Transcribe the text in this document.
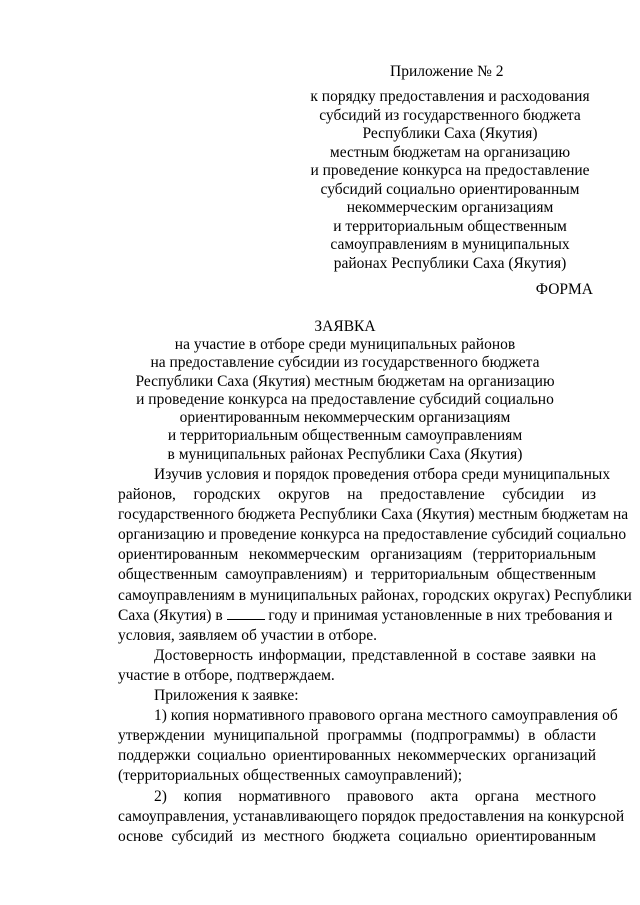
Приложение № 2
к порядку предоставления и расходования
субсидий из государственного бюджета
Республики Саха (Якутия)
местным бюджетам на организацию
и проведение конкурса на предоставление
субсидий социально ориентированным
некоммерческим организациям
и территориальным общественным
самоуправлениям в муниципальных
районах Республики Саха (Якутия)
ФОРМА
ЗАЯВКА
на участие в отборе среди муниципальных районов
на предоставление субсидии из государственного бюджета
Республики Саха (Якутия) местным бюджетам на организацию
и проведение конкурса на предоставление субсидий социально
ориентированным некоммерческим организациям
и территориальным общественным самоуправлениям
в муниципальных районах Республики Саха (Якутия)
Изучив условия и порядок проведения отбора среди муниципальных
районов, городских округов на предоставление субсидии из
государственного бюджета Республики Саха (Якутия) местным бюджетам на
организацию и проведение конкурса на предоставление субсидий социально
ориентированным некоммерческим организациям (территориальным
общественным самоуправлениям) и территориальным общественным
самоуправлениям в муниципальных районах, городских округах) Республики
Саха (Якутия) в	году и принимая установленные в них требования и
условия, заявляем об участии в отборе.
Достоверность информации, представленной в составе заявки на
участие в отборе, подтверждаем.
Приложения к заявке:
1) копия нормативного правового органа местного самоуправления об
утверждении муниципальной программы (подпрограммы) в области
поддержки социально ориентированных некоммерческих организаций
(территориальных общественных самоуправлений);
2) копия нормативного правового акта органа местного
самоуправления, устанавливающего порядок предоставления на конкурсной
основе субсидий из местного бюджета социально ориентированным
